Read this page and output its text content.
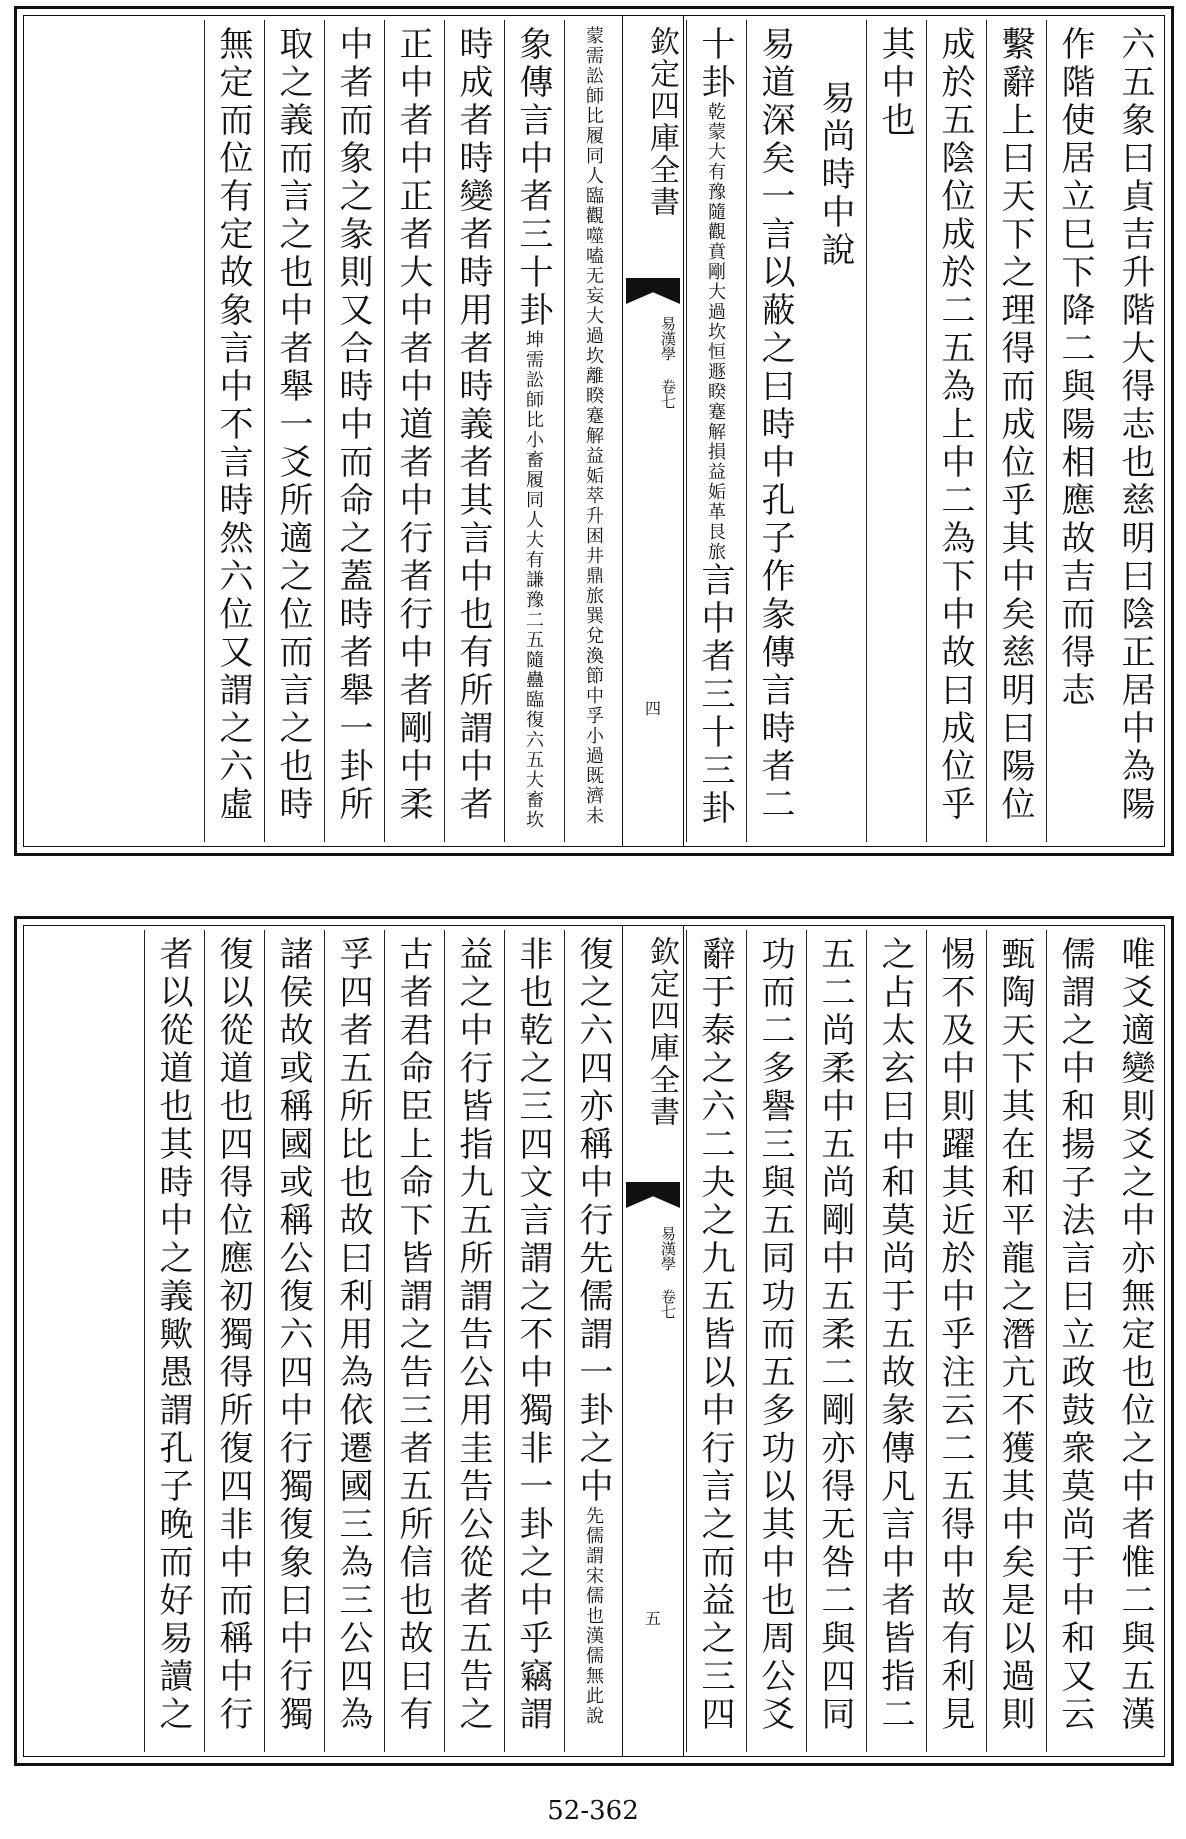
六五象曰貞吉升階大得志也慈明曰陰正居中為陽
作階使居立巳下降二與陽相應故吉而得志
繫辭上曰天下之理得而成位乎其中矣慈明曰陽位
成於五陰位成於二五為上中二為下中故曰成位乎
其中也
易尚時中說
易道深矣一言以蔽之曰時中孔子作彖傳言時者二
十卦乾蒙大有豫隨觀賁剛大過坎恒遯睽蹇解損益姤革艮旅言中者三十三卦
欽定四庫全書
易漢學 卷七
四
蒙需訟師比履同人臨觀噬嗑无妄大過坎離睽蹇解益姤萃升困井鼎旅巽兌渙節中孚小過既濟未
象傳言中者三十卦坤需訟師比小畜履同人大有謙豫二五隨蠱臨復六五大畜坎
時成者時變者時用者時義者其言中也有所謂中者
正中者中正者大中者中道者中行者行中者剛中柔
中者而象之彖則又合時中而命之蓋時者舉一卦所
取之義而言之也中者舉一爻所適之位而言之也時
無定而位有定故象言中不言時然六位又謂之六虛
唯爻適變則爻之中亦無定也位之中者惟二與五漢
儒謂之中和揚子法言曰立政鼓衆莫尚于中和又云
甄陶天下其在和平龍之潛亢不獲其中矣是以過則
惕不及中則躍其近於中乎注云二五得中故有利見
之占太玄曰中和莫尚于五故彖傳凡言中者皆指二
五二尚柔中五尚剛中五柔二剛亦得无咎二與四同
功而二多譽三與五同功而五多功以其中也周公爻
辭于泰之六二夬之九五皆以中行言之而益之三四
欽定四庫全書
易漢學 卷七
五
復之六四亦稱中行先儒謂一卦之中先儒謂宋儒也漢儒無此說
非也乾之三四文言謂之不中獨非一卦之中乎竊謂
益之中行皆指九五所謂告公用圭告公從者五告之
古者君命臣上命下皆謂之告三者五所信也故曰有
孚四者五所比也故曰利用為依遷國三為三公四為
諸侯故或稱國或稱公復六四中行獨復象曰中行獨
復以從道也四得位應初獨得所復四非中而稱中行
者以從道也其時中之義歟愚謂孔子晚而好易讀之
52-362
